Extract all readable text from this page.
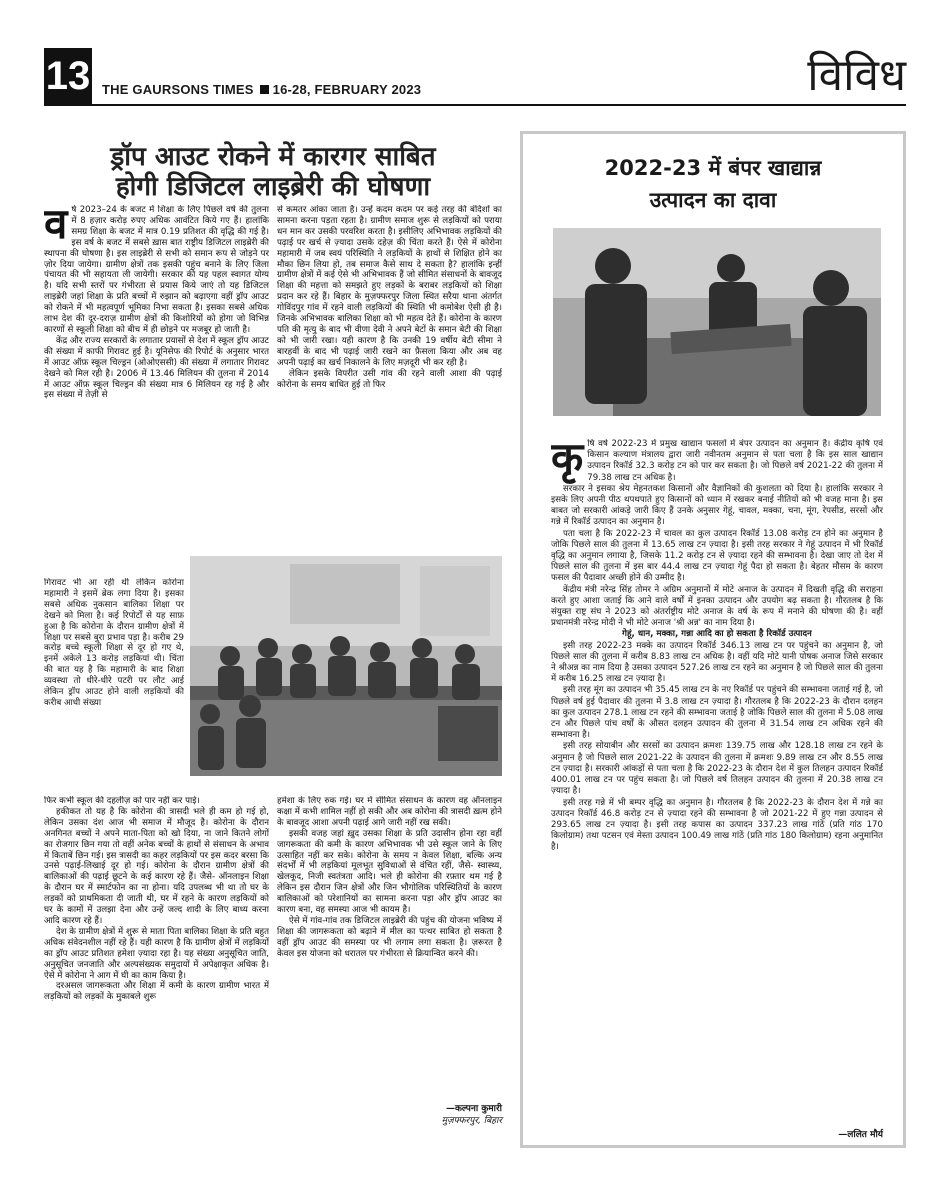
13 THE GAURSONS TIMES 16-28, FEBRUARY 2023	विविध
ड्रॉप आउट रोकने में कारगर साबित
होगी डिजिटल लाइब्रेरी की घोषणा

वर्ष 2023–24 के बजट में शिक्षा के लिए पिछले वर्ष की तुलना में 8 हज़ार करोड़ रुपए अधिक आवंटित किये गए हैं। हालांकि समग्र शिक्षा के बजट में मात्र 0.19 प्रतिशत की वृद्धि की गई है। इस वर्ष के बजट में सबसे ख़ास बात राष्ट्रीय डिजिटल लाइब्रेरी की स्थापना की घोषणा है। इस लाइब्रेरी से सभी को समान रूप से जोड़ने पर ज़ोर दिया जायेगा। ग्रामीण क्षेत्रों तक इसकी पहुंच बनाने के लिए जिला पंचायत की भी सहायता ली जायेगी। सरकार की यह पहल स्वागत योग्य है। यदि सभी स्तरों पर गंभीरता से प्रयास किये जाएं तो यह डिजिटल लाइब्रेरी जहां शिक्षा के प्रति बच्चों में रुझान को बढ़ाएगा वहीं ड्रॉप आउट को रोकने में भी महत्वपूर्ण भूमिका निभा सकता है। इसका सबसे अधिक लाभ देश की दूर-दराज़ ग्रामीण क्षेत्रों की किशोरियों को होगा जो विभिन्न कारणों से स्कूली शिक्षा को बीच में ही छोड़ने पर मजबूर हो जाती है।

केंद्र और राज्य सरकारों के लगातार प्रयासों से देश में स्कूल ड्रॉप आउट की संख्या में काफी गिरावट हुई है। यूनिसेफ की रिपोर्ट के अनुसार भारत में आउट ऑफ़ स्कूल चिल्ड्रन (ओओएससी) की संख्या में लगातार गिरावट देखने को मिल रही है। 2006 में 13.46 मिलियन की तुलना में 2014 में आउट ऑफ़ स्कूल चिल्ड्रन की संख्या मात्र 6 मिलियन रह गई है और इस संख्या में तेज़ी से

गिरावट भी आ रही थी लेकिन कोरोना महामारी ने इसमें ब्रेक लगा दिया है। इसका सबसे अधिक नुकसान बालिका शिक्षा पर देखने को मिला है। कई रिपोर्टों से यह साफ़ हुआ है कि कोरोना के दौरान ग्रामीण क्षेत्रों में शिक्षा पर सबसे बुरा प्रभाव पड़ा है। करीब 29 करोड़ बच्चे स्कूली शिक्षा से दूर हो गए थे, इनमें अकेले 13 करोड़ लड़कियां थी। चिंता की बात यह है कि महामारी के बाद शिक्षा व्यवस्था तो धीरे-धीरे पटरी पर लौट आई लेकिन ड्रॉप आउट होने वाली लड़कियों की करीब आधी संख्या

से कमतर आंका जाता है। उन्हें कदम कदम पर कई तरह की बंदिशों का सामना करना पड़ता रहता है। ग्रामीण समाज शुरू से लड़कियों को पराया धन मान कर उसकी परवरिश करता है। इसीलिए अभिभावक लड़कियों की पढ़ाई पर खर्च से ज़्यादा उसके दहेज़ की चिंता करते हैं। ऐसे में कोरोना महामारी में जब स्वयं परिस्थिति ने लड़कियों के हाथों से शिक्षित होने का मौका छिन लिया हो, तब समाज कैसे साथ दे सकता है? हालांकि इन्हीं ग्रामीण क्षेत्रों में कई ऐसे भी अभिभावक हैं जो सीमित संसाधनों के बावजूद शिक्षा की महत्ता को समझते हुए लड़कों के बराबर लड़कियों को शिक्षा प्रदान कर रहे हैं। बिहार के मुज़फ्फरपुर जिला स्थित सरैया थाना अंतर्गत गोविंदपुर गांव में रहने वाली लड़कियों की स्थिति भी कमोबेश ऐसी ही है। जिनके अभिभावक बालिका शिक्षा को भी महत्व देते हैं। कोरोना के कारण पति की मृत्यु के बाद भी वीणा देवी ने अपने बेटों के समान बेटी की शिक्षा को भी जारी रखा। यही कारण है कि उनकी 19 वर्षीय बेटी सीमा ने बारहवीं के बाद भी पढ़ाई जारी रखने का फ़ैसला किया और अब वह अपनी पढ़ाई का खर्च निकालने के लिए मज़दूरी भी कर रही है।

लेकिन इसके विपरीत उसी गांव की रहने वाली आशा की पढ़ाई कोरोना के समय बाधित हुई तो फिर

फिर कभी स्कूल की दहलीज़ को पार नहीं कर पाई।

हकीकत तो यह है कि कोरोना की त्रासदी भले ही कम हो गई हो, लेकिन उसका दंश आज भी समाज में मौजूद है। कोरोना के दौरान अनगिनत बच्चों ने अपने माता-पिता को खो दिया, ना जाने कितने लोगों का रोजगार छिन गया तो वहीं अनेक बच्चों के हाथों से संसाधन के अभाव में किताबें छिन गई। इस त्रासदी का कहर लड़कियों पर इस कदर बरसा कि उनसे पढ़ाई-लिखाई दूर हो गई। कोरोना के दौरान ग्रामीण क्षेत्रों की बालिकाओं की पढ़ाई छूटने के कई कारण रहे हैं। जैसे- ऑनलाइन शिक्षा के दौरान घर में स्मार्टफोन का ना होना। यदि उपलब्ध भी था तो घर के लड़कों को प्राथमिकता दी जाती थी, घर में रहने के कारण लड़कियों को घर के कामों में उलझा देना और उन्हें जल्द शादी के लिए बाध्य करना आदि कारण रहे हैं।

देश के ग्रामीण क्षेत्रों में शुरू से माता पिता बालिका शिक्षा के प्रति बहुत अधिक संवेदनशील नहीं रहे हैं। यही कारण है कि ग्रामीण क्षेत्रों में लड़कियों का ड्रॉप आउट प्रतिशत हमेशा ज़्यादा रहा है। यह संख्या अनुसूचित जाति, अनुसूचित जनजाति और अल्पसंख्यक समुदायों में अपेक्षाकृत अधिक है। ऐसे में कोरोना ने आग में घी का काम किया है।

दरअसल जागरूकता और शिक्षा में कमी के कारण ग्रामीण भारत में लड़कियों को लड़कों के मुकाबले शुरू

हमेशा के लिए रुक गई। घर में सीमित संसाधन के कारण वह ऑनलाइन कक्षा में कभी शामिल नहीं हो सकी और अब कोरोना की त्रासदी ख़त्म होने के बावजूद आशा अपनी पढ़ाई आगे जारी नहीं रख सकी।

इसकी वजह जहां ख़ुद उसका शिक्षा के प्रति उदासीन होना रहा वहीं जागरूकता की कमी के कारण अभिभावक भी उसे स्कूल जाने के लिए उत्साहित नहीं कर सके। कोरोना के समय न केवल शिक्षा, बल्कि अन्य संदर्भों में भी लड़कियां मूलभूत सुविधाओं से वंचित रहीं, जैसे- स्वास्थ्य, खेलकूद, निजी स्वतंत्रता आदि। भले ही कोरोना की रफ़्तार थम गई है लेकिन इस दौरान जिन क्षेत्रों और जिन भौगोलिक परिस्थितियों के कारण बालिकाओं को परेशानियों का सामना करना पड़ा और ड्रॉप आउट का कारण बना, वह समस्या आज भी कायम है।

ऐसे में गांव-गांव तक डिजिटल लाइब्रेरी की पहुंच की योजना भविष्य में शिक्षा की जागरूकता को बढ़ाने में मील का पत्थर साबित हो सकता है वहीं ड्रॉप आउट की समस्या पर भी लगाम लगा सकता है। ज़रूरत है केवल इस योजना को धरातल पर गंभीरता से क्रियान्वित करने की।

—कल्पना कुमारी
मुज़फ्फरपुर, बिहार
2022-23 में बंपर खाद्यान्न
उत्पादन का दावा

कृषि वर्ष 2022-23 में प्रमुख खाद्यान फसलों में बंपर उत्पादन का अनुमान है। केंद्रीय कृषि एवं किसान कल्याण मंत्रालय द्वारा जारी नवीनतम अनुमान से पता चला है कि इस साल खाद्यान उत्पादन रिकॉर्ड 32.3 करोड़ टन को पार कर सकता है। जो पिछले वर्ष 2021-22 की तुलना में 79.38 लाख टन अधिक है।

सरकार ने इसका श्रेय मेहनतकश किसानों और वैज्ञानिकों की कुशलता को दिया है। हालांकि सरकार ने इसके लिए अपनी पीठ थपथपाते हुए किसानों को ध्यान में रखकर बनाई नीतियों को भी वजह माना है। इस बाबत जो सरकारी आंकड़े जारी किए हैं उनके अनुसार गेहूं, चावल, मक्का, चना, मूंग, रेपसीड, सरसों और गन्ने में रिकॉर्ड उत्पादन का अनुमान है।

पता चला है कि 2022-23 में चावल का कुल उत्पादन रिकॉर्ड 13.08 करोड़ टन होने का अनुमान है जोकि पिछले साल की तुलना में 13.65 लाख टन ज़्यादा है। इसी तरह सरकार ने गेहूं उत्पादन में भी रिकॉर्ड वृद्धि का अनुमान लगाया है, जिसके 11.2 करोड़ टन से ज़्यादा रहने की सम्भावना है। देखा जाए तो देश में पिछले साल की तुलना में इस बार 44.4 लाख टन ज़्यादा गेहूं पैदा हो सकता है। बेहतर मौसम के कारण फसल की पैदावार अच्छी होने की उम्मीद है।

केंद्रीय मंत्री नरेन्द्र सिंह तोमर ने अग्रिम अनुमानों में मोटे अनाज के उत्पादन में दिखती वृद्धि की सराहना करते हुए आशा जताई कि आने वाले वर्षों में इनका उत्पादन और उपयोग बढ़ सकता है। गौरतलब है कि संयुक्त राष्ट्र संघ ने 2023 को अंतर्राष्ट्रीय मोटे अनाज के वर्ष के रूप में मनाने की घोषणा की है। वहीं प्रधानमंत्री नरेन्द्र मोदी ने भी मोटे अनाज 'श्री अन्न' का नाम दिया है।

गेहूं, धान, मक्का, गन्ना आदि का हो सकता है रिकॉर्ड उत्पादन

इसी तरह 2022-23 मक्के का उत्पादन रिकॉर्ड 346.13 लाख टन पर पहुंचने का अनुमान है, जो पिछले साल की तुलना में करीब 8.83 लाख टन अधिक है। वहीं यदि मोटे यानी पोषक अनाज जिसे सरकार ने श्रीअन्न का नाम दिया है उसका उत्पादन 527.26 लाख टन रहने का अनुमान है जो पिछले साल की तुलना में करीब 16.25 लाख टन ज़्यादा है।

इसी तरह मूंग का उत्पादन भी 35.45 लाख टन के नए रिकॉर्ड पर पहुंचने की सम्भावना जताई गई है, जो पिछले वर्ष हुई पैदावार की तुलना में 3.8 लाख टन ज़्यादा है। गौरतलब है कि 2022-23 के दौरान दलहन का कुल उत्पादन 278.1 लाख टन रहने की सम्भावना जताई है जोकि पिछले साल की तुलना में 5.08 लाख टन और पिछले पांच वर्षों के औसत दलहन उत्पादन की तुलना में 31.54 लाख टन अधिक रहने की सम्भावना है।

इसी तरह सोयाबीन और सरसों का उत्पादन क्रमशः 139.75 लाख और 128.18 लाख टन रहने के अनुमान है जो पिछले साल 2021-22 के उत्पादन की तुलना में क्रमशः 9.89 लाख टन और 8.55 लाख टन ज़्यादा है। सरकारी आंकड़ों से पता चला है कि 2022-23 के दौरान देश में कुल तिलहन उत्पादन रिकॉर्ड 400.01 लाख टन पर पहुंच सकता है। जो पिछले वर्ष तिलहन उत्पादन की तुलना में 20.38 लाख टन ज़्यादा है।

इसी तरह गन्ने में भी बम्पर वृद्धि का अनुमान है। गौरतलब है कि 2022-23 के दौरान देश में गन्ने का उत्पादन रिकॉर्ड 46.8 करोड़ टन से ज़्यादा रहने की सम्भावना है जो 2021-22 में हुए गन्ना उत्पादन से 293.65 लाख टन ज़्यादा है। इसी तरह कपास का उत्पादन 337.23 लाख गांठें (प्रति गांठ 170 किलोग्राम) तथा पटसन एवं मेस्ता उत्पादन 100.49 लाख गांठें (प्रति गांठ 180 किलोग्राम) रहना अनुमानित है।

—ललित मौर्य
